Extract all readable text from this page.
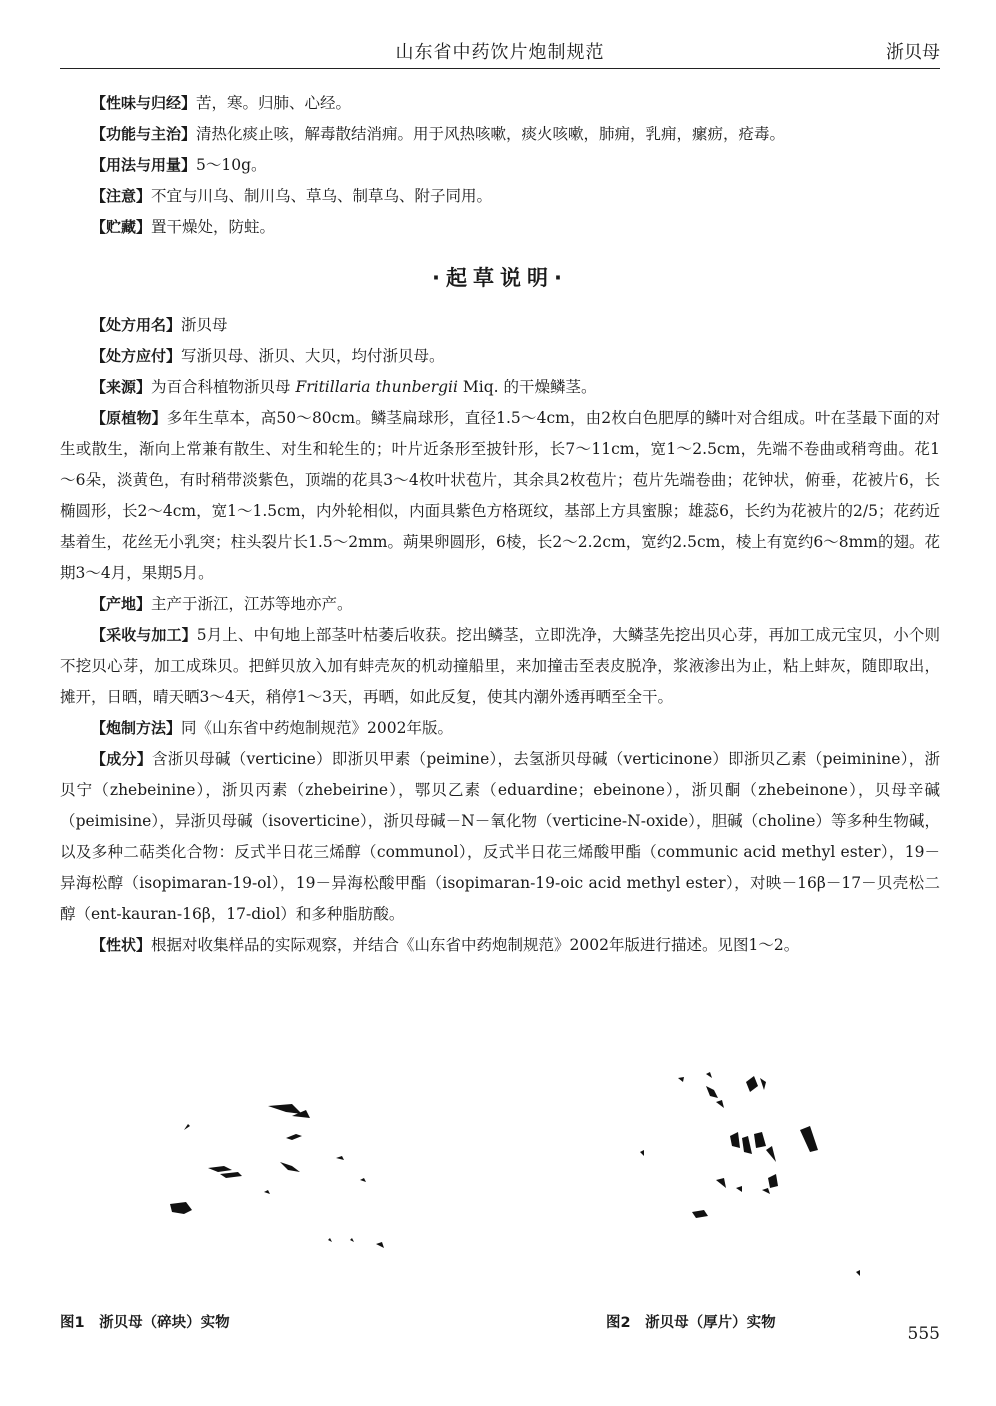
山东省中药饮片炮制规范	浙贝母

【性味与归经】苦，寒。归肺、心经。

【功能与主治】清热化痰止咳，解毒散结消痈。用于风热咳嗽，痰火咳嗽，肺痈，乳痈，瘰疬，疮毒。

【用法与用量】5～10g。

【注意】不宜与川乌、制川乌、草乌、制草乌、附子同用。

【贮藏】置干燥处，防蛀。

·起草说明·

【处方用名】浙贝母

【处方应付】写浙贝母、浙贝、大贝，均付浙贝母。

【来源】为百合科植物浙贝母 Fritillaria thunbergii Miq. 的干燥鳞茎。

【原植物】多年生草本，高50～80cm。鳞茎扁球形，直径1.5～4cm，由2枚白色肥厚的鳞叶对合组成。叶在茎最下面的对生或散生，渐向上常兼有散生、对生和轮生的；叶片近条形至披针形，长7～11cm，宽1～2.5cm，先端不卷曲或稍弯曲。花1～6朵，淡黄色，有时稍带淡紫色，顶端的花具3～4枚叶状苞片，其余具2枚苞片；苞片先端卷曲；花钟状，俯垂，花被片6，长椭圆形，长2～4cm，宽1～1.5cm，内外轮相似，内面具紫色方格斑纹，基部上方具蜜腺；雄蕊6，长约为花被片的2/5；花药近基着生，花丝无小乳突；柱头裂片长1.5～2mm。蒴果卵圆形，6棱，长2～2.2cm，宽约2.5cm，棱上有宽约6～8mm的翅。花期3～4月，果期5月。

【产地】主产于浙江，江苏等地亦产。

【采收与加工】5月上、中旬地上部茎叶枯萎后收获。挖出鳞茎，立即洗净，大鳞茎先挖出贝心芽，再加工成元宝贝，小个则不挖贝心芽，加工成珠贝。把鲜贝放入加有蚌壳灰的机动撞船里，来加撞击至表皮脱净，浆液渗出为止，粘上蚌灰，随即取出，摊开，日晒，晴天晒3～4天，稍停1～3天，再晒，如此反复，使其内潮外透再晒至全干。

【炮制方法】同《山东省中药炮制规范》2002年版。

【成分】含浙贝母碱（verticine）即浙贝甲素（peimine），去氢浙贝母碱（verticinone）即浙贝乙素（peiminine），浙贝宁（zhebeinine），浙贝丙素（zhebeirine），鄂贝乙素（eduardine；ebeinone），浙贝酮（zhebeinone），贝母辛碱（peimisine），异浙贝母碱（isoverticine），浙贝母碱－N－氧化物（verticine-N-oxide），胆碱（choline）等多种生物碱，以及多种二萜类化合物：反式半日花三烯醇（communol），反式半日花三烯酸甲酯（communic acid methyl ester），19－异海松醇（isopimaran-19-ol），19－异海松酸甲酯（isopimaran-19-oic acid methyl ester），对映－16β－17－贝壳松二醇（ent-kauran-16β，17-diol）和多种脂肪酸。

【性状】根据对收集样品的实际观察，并结合《山东省中药炮制规范》2002年版进行描述。见图1～2。

图1　浙贝母（碎块）实物	图2　浙贝母（厚片）实物
555
